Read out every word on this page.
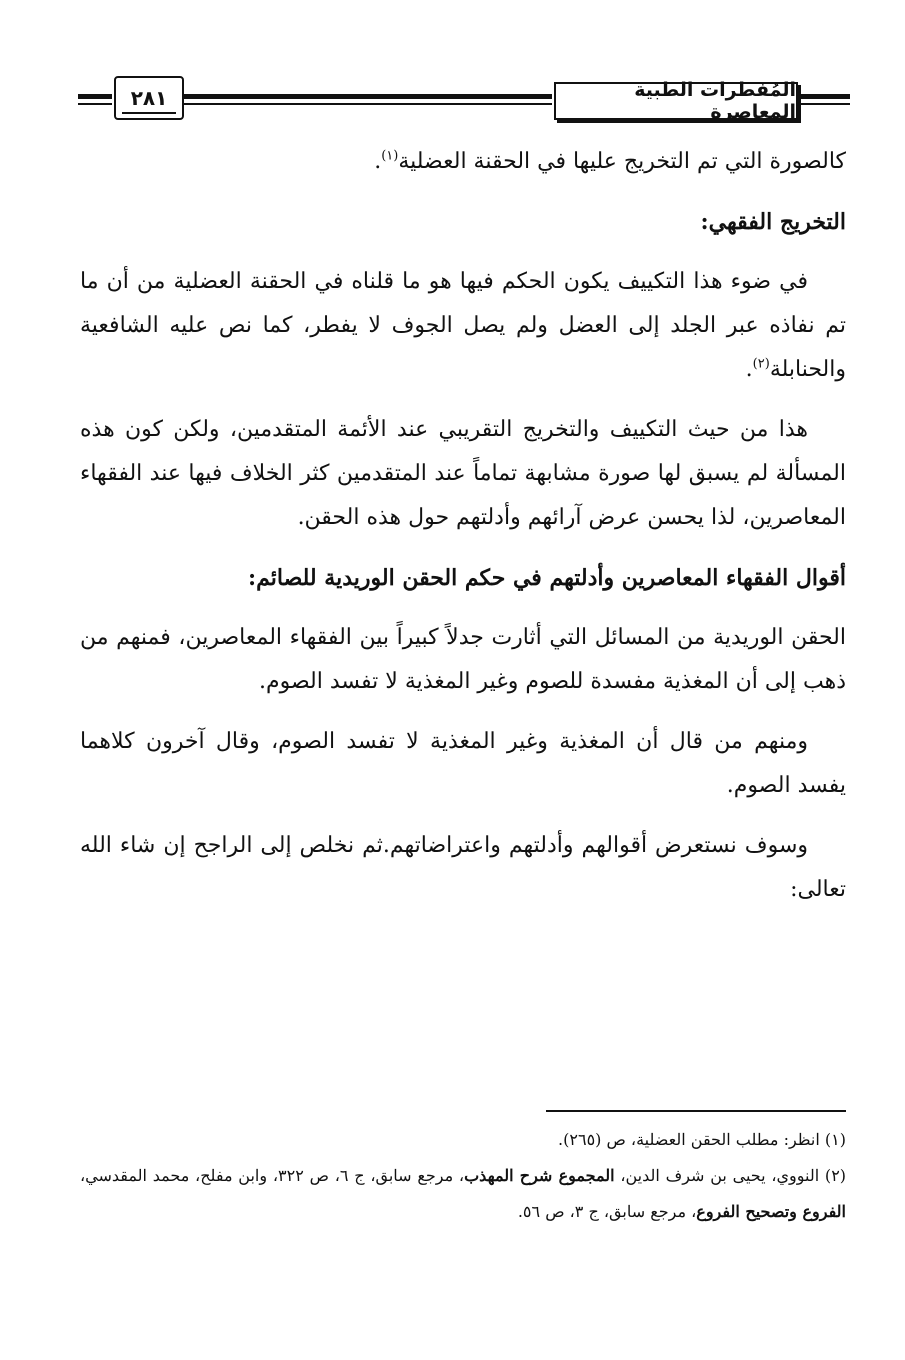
المُفطرات الطبية المعاصرة
٢٨١

كالصورة التي تم التخريج عليها في الحقنة العضلية$^{(١)}$.

التخريج الفقهي:

في ضوء هذا التكييف يكون الحكم فيها هو ما قلناه في الحقنة العضلية من أن ما تم نفاذه عبر الجلد إلى العضل ولم يصل الجوف لا يفطر، كما نص عليه الشافعية والحنابلة$^{(٢)}$.

هذا من حيث التكييف والتخريج التقريبي عند الأئمة المتقدمين، ولكن كون هذه المسألة لم يسبق لها صورة مشابهة تماماً عند المتقدمين كثر الخلاف فيها عند الفقهاء المعاصرين، لذا يحسن عرض آرائهم وأدلتهم حول هذه الحقن.

أقوال الفقهاء المعاصرين وأدلتهم في حكم الحقن الوريدية للصائم:

الحقن الوريدية من المسائل التي أثارت جدلاً كبيراً بين الفقهاء المعاصرين، فمنهم من ذهب إلى أن المغذية مفسدة للصوم وغير المغذية لا تفسد الصوم.

ومنهم من قال أن المغذية وغير المغذية لا تفسد الصوم، وقال آخرون كلاهما يفسد الصوم.

وسوف نستعرض أقوالهم وأدلتهم واعتراضاتهم.ثم نخلص إلى الراجح إن شاء الله تعالى:

(١) انظر: مطلب الحقن العضلية، ص (٢٦٥).

(٢) النووي، يحيى بن شرف الدين، المجموع شرح المهذب، مرجع سابق، ج ٦، ص ٣٢٢، وابن مفلح، محمد المقدسي، الفروع وتصحيح الفروع، مرجع سابق، ج ٣، ص ٥٦.
